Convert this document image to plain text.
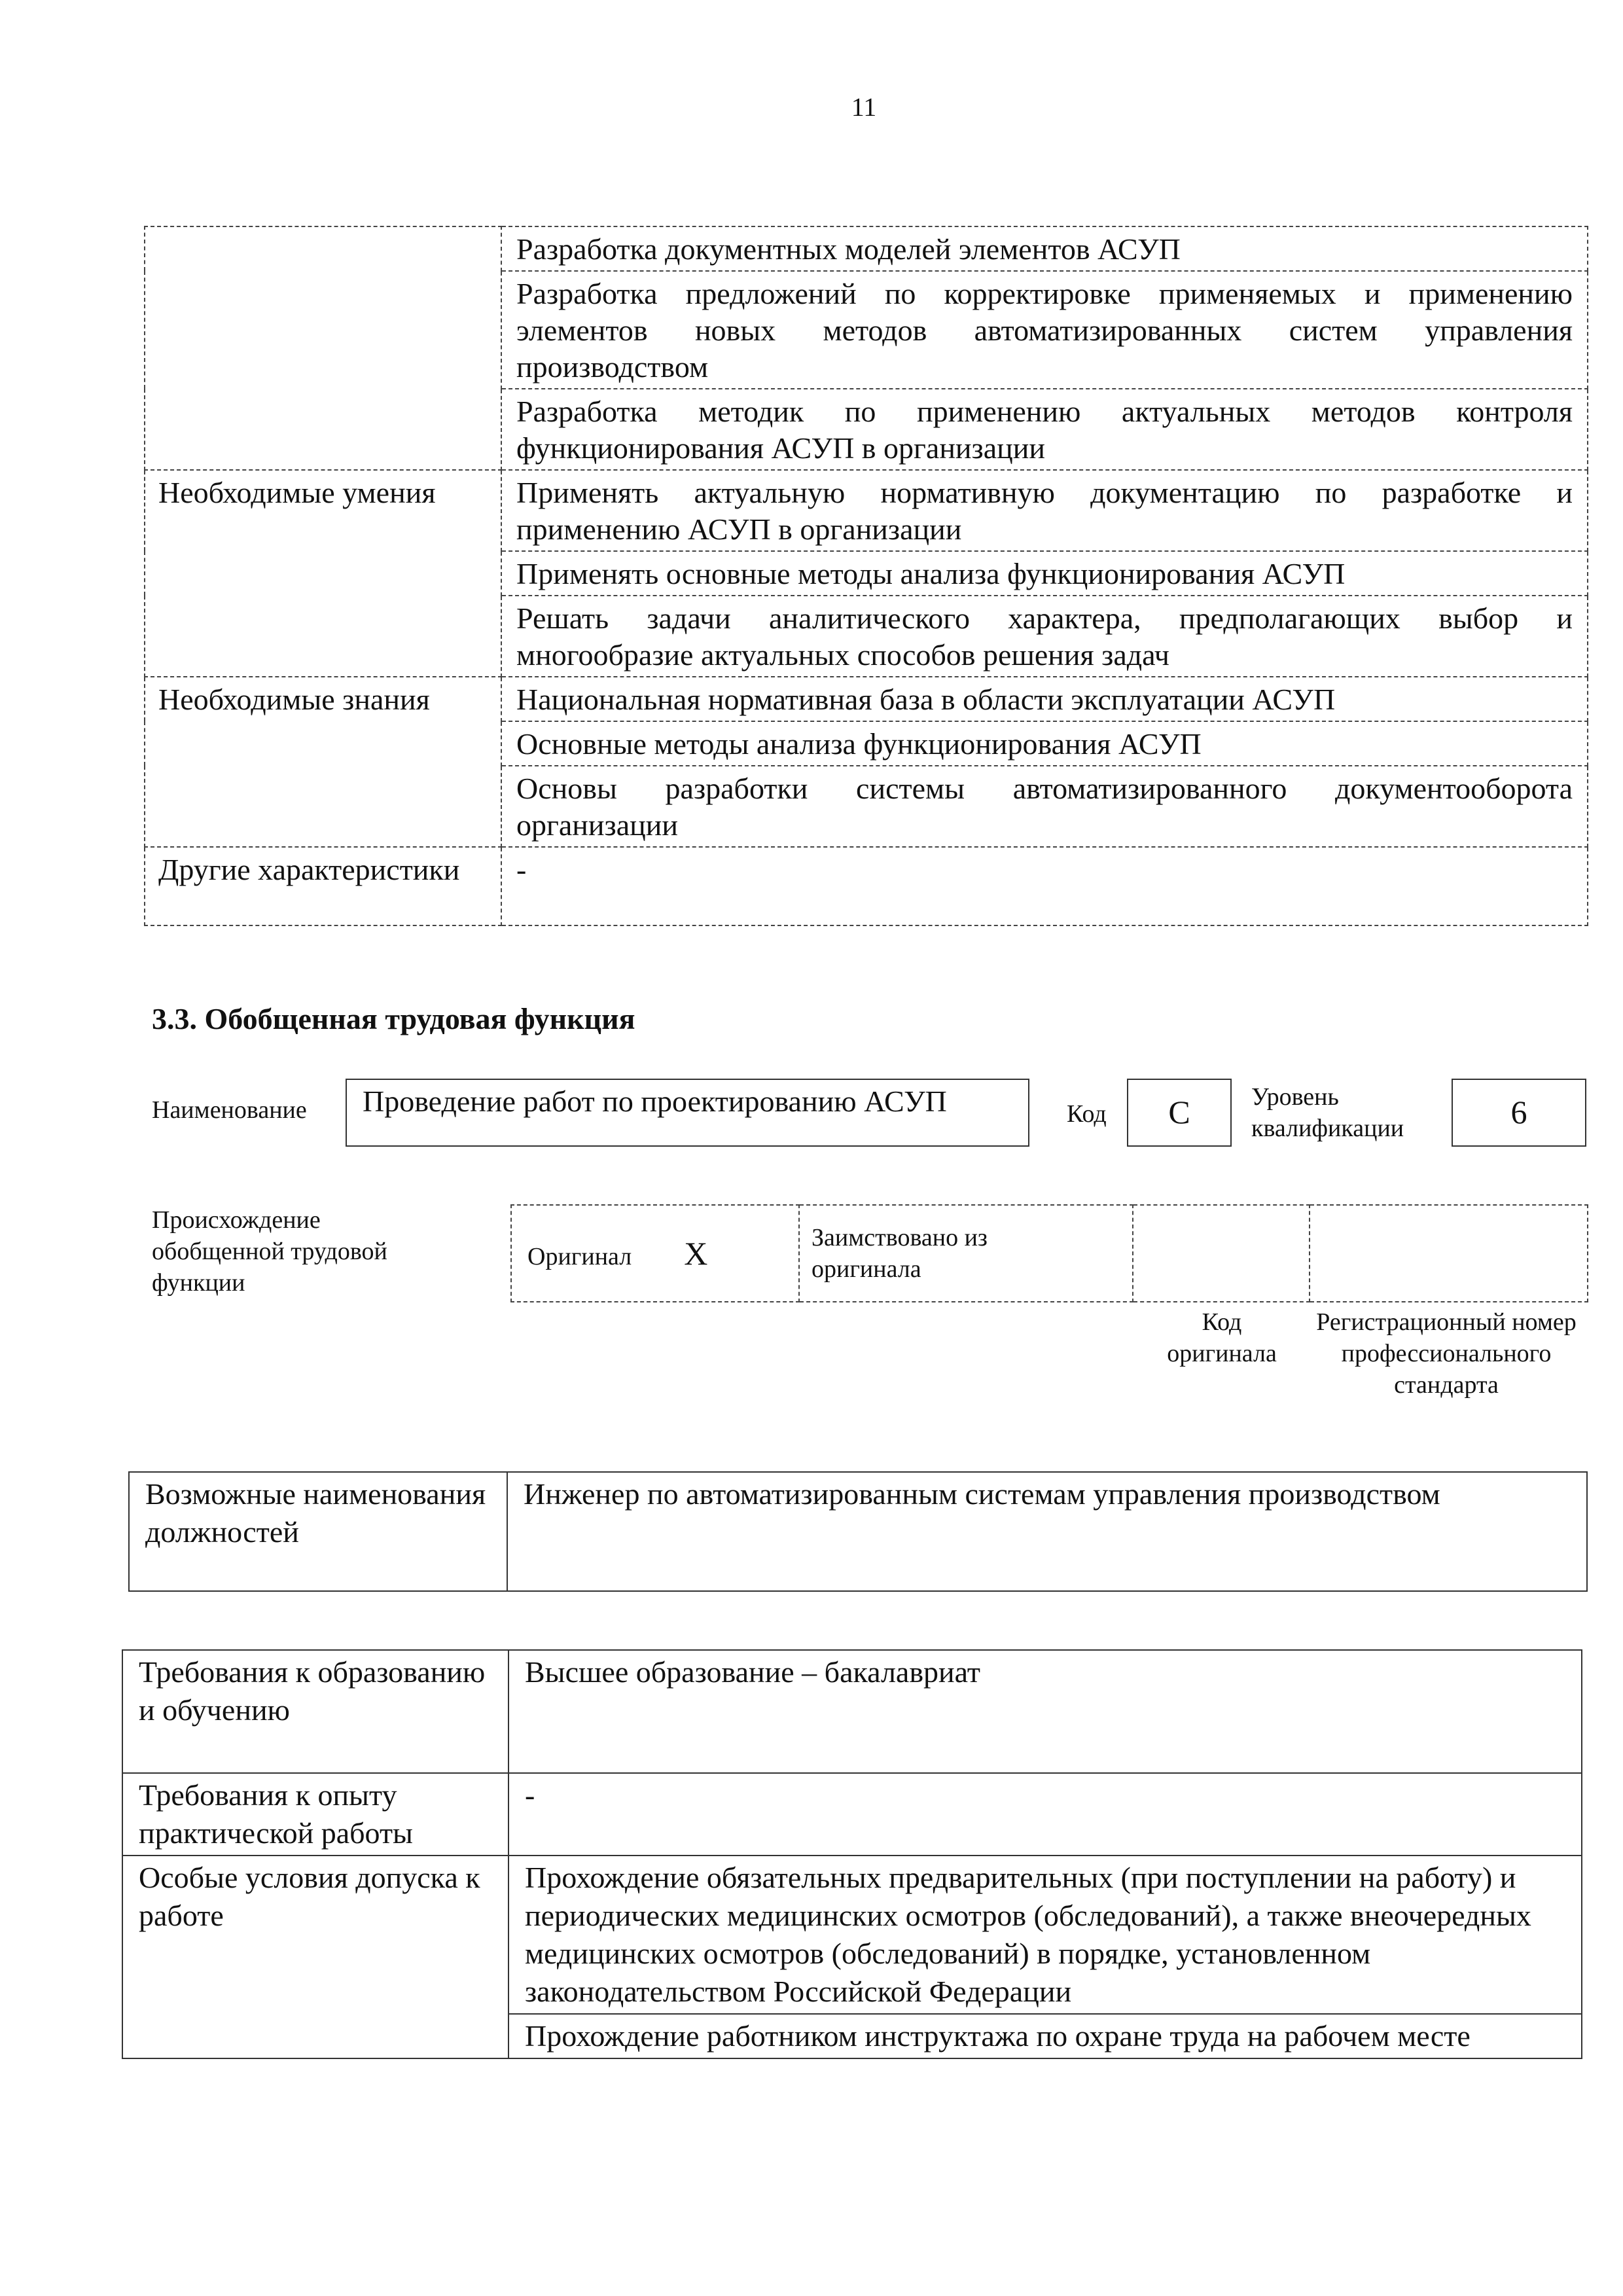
11
	Разработка документных моделей элементов АСУП
	Разработка предложений по корректировке применяемых и применению элементов новых методов автоматизированных систем управления производством
	Разработка методик по применению актуальных методов контроля функционирования АСУП в организации
Необходимые умения	Применять актуальную нормативную документацию по разработке и применению АСУП в организации
	Применять основные методы анализа функционирования АСУП
	Решать задачи аналитического характера, предполагающих выбор и многообразие актуальных способов решения задач
Необходимые знания	Национальная нормативная база в области эксплуатации АСУП
	Основные методы анализа функционирования АСУП
	Основы разработки системы автоматизированного документооборота организации
Другие характеристики	-
3.3. Обобщенная трудовая функция
Наименование	Проведение работ по проектированию АСУП	Код	C	Уровень
квалификации	6
Происхождение обобщенной трудовой функции
Оригинал X	Заимствовано из оригинала

Код оригинала
Регистрационный номер профессионального стандарта
Возможные наименования должностей	Инженер по автоматизированным системам управления производством
Требования к образованию и обучению	Высшее образование – бакалавриат
Требования к опыту практической работы	-
Особые условия допуска к работе	Прохождение обязательных предварительных (при поступлении на работу) и периодических медицинских осмотров (обследований), а также внеочередных медицинских осмотров (обследований) в порядке, установленном законодательством Российской Федерации
	Прохождение работником инструктажа по охране труда на рабочем месте
